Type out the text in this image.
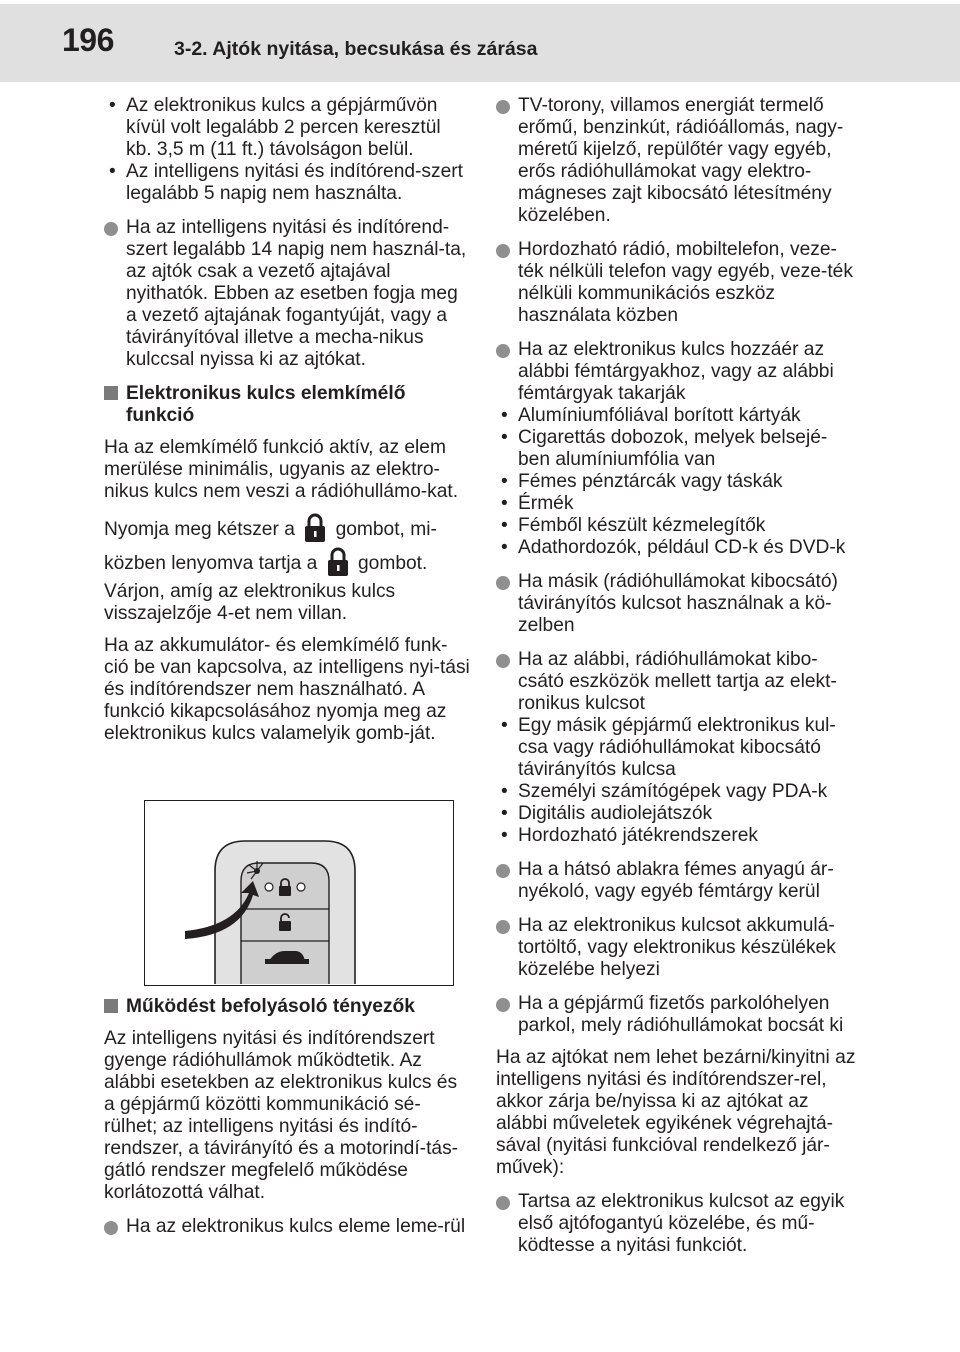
196	3-2. Ajtók nyitása, becsukása és zárása

• Az elektronikus kulcs a gépjárművön kívül volt legalább 2 percen keresztül kb. 3,5 m (11 ft.) távolságon belül.

• Az intelligens nyitási és indítórend-szert legalább 5 napig nem használta.

Ha az intelligens nyitási és indítórend-szert legalább 14 napig nem használ-ta, az ajtók csak a vezető ajtajával nyithatók. Ebben az esetben fogja meg a vezető ajtajának fogantyúját, vagy a távirányítóval illetve a mecha-nikus kulccsal nyissa ki az ajtókat.
Elektronikus kulcs elemkímélő funkció

Ha az elemkímélő funkció aktív, az elem merülése minimális, ugyanis az elektro-nikus kulcs nem veszi a rádióhullámo-kat.

Nyomja meg kétszer a gombot, mi-

közben lenyomva tartja a gombot.

Várjon, amíg az elektronikus kulcs visszajelzője 4-et nem villan.

Ha az akkumulátor- és elemkímélő funk-ció be van kapcsolva, az intelligens nyi-tási és indítórendszer nem használható. A funkció kikapcsolásához nyomja meg az elektronikus kulcs valamelyik gomb-ját.

Működést befolyásoló tényezők

Az intelligens nyitási és indítórendszert gyenge rádióhullámok működtetik. Az alábbi esetekben az elektronikus kulcs és a gépjármű közötti kommunikáció sé-rülhet; az intelligens nyitási és indító-rendszer, a távirányító és a motorindí-tás-gátló rendszer megfelelő működése korlátozottá válhat.

Ha az elektronikus kulcs eleme leme-rül
TV-torony, villamos energiát termelő erőmű, benzinkút, rádióállomás, nagy-méretű kijelző, repülőtér vagy egyéb, erős rádióhullámokat vagy elektro-mágneses zajt kibocsátó létesítmény közelében.
Hordozható rádió, mobiltelefon, veze-ték nélküli telefon vagy egyéb, veze-ték nélküli kommunikációs eszköz használata közben
Ha az elektronikus kulcs hozzáér az alábbi fémtárgyakhoz, vagy az alábbi fémtárgyak takarják

• Alumíniumfóliával borított kártyák

• Cigarettás dobozok, melyek belsejé-ben alumíniumfólia van

• Fémes pénztárcák vagy táskák

• Érmék

• Fémből készült kézmelegítők

• Adathordozók, például CD-k és DVD-k

Ha másik (rádióhullámokat kibocsátó) távirányítós kulcsot használnak a kö-zelben
Ha az alábbi, rádióhullámokat kibo-csátó eszközök mellett tartja az elekt-ronikus kulcsot

• Egy másik gépjármű elektronikus kul-csa vagy rádióhullámokat kibocsátó távirányítós kulcsa

• Személyi számítógépek vagy PDA-k

• Digitális audiolejátszók

• Hordozható játékrendszerek

Ha a hátsó ablakra fémes anyagú ár-nyékoló, vagy egyéb fémtárgy kerül
Ha az elektronikus kulcsot akkumulá-tortöltő, vagy elektronikus készülékek közelébe helyezi
Ha a gépjármű fizetős parkolóhelyen parkol, mely rádióhullámokat bocsát ki

Ha az ajtókat nem lehet bezárni/kinyitni az intelligens nyitási és indítórendszer-rel, akkor zárja be/nyissa ki az ajtókat az alábbi műveletek egyikének végrehajtá-sával (nyitási funkcióval rendelkező jár-művek):

Tartsa az elektronikus kulcsot az egyik első ajtófogantyú közelébe, és mű-ködtesse a nyitási funkciót.
